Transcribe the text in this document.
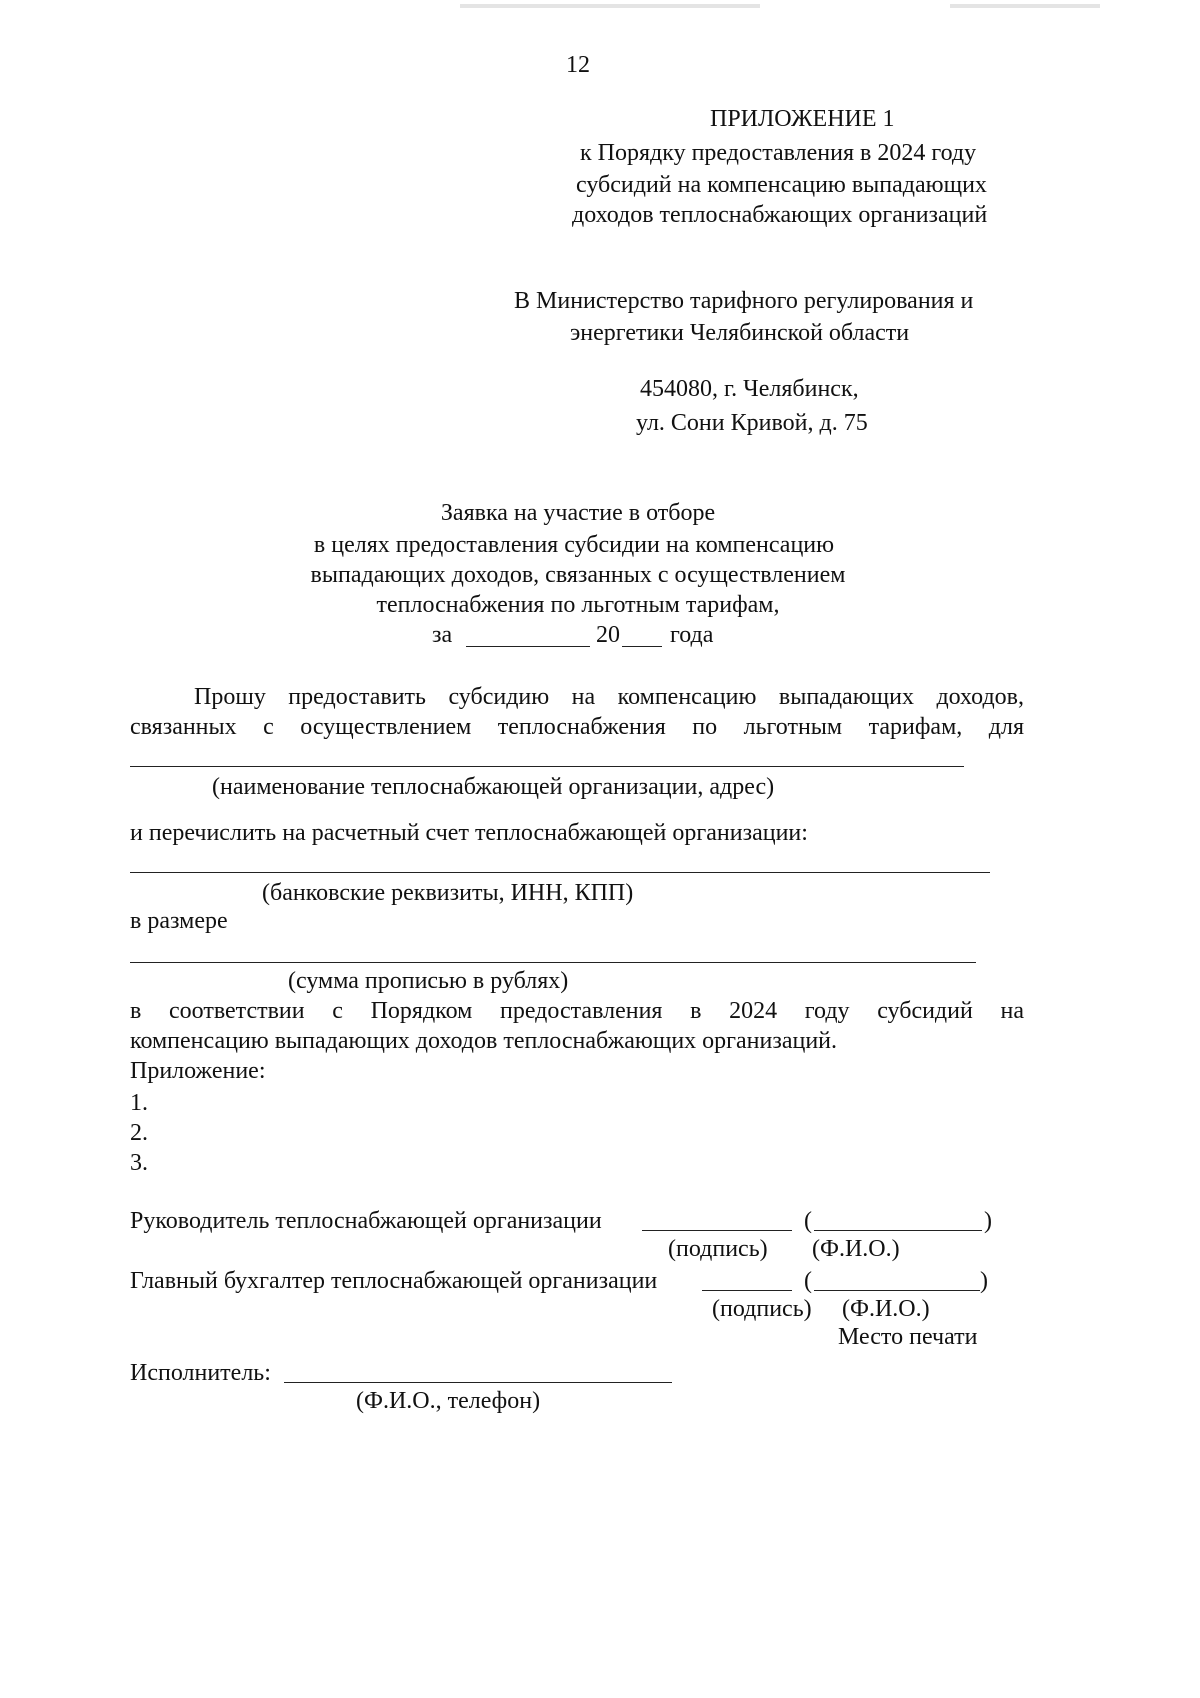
12
ПРИЛОЖЕНИЕ 1
к Порядку предоставления в 2024 году
субсидий на компенсацию выпадающих
доходов теплоснабжающих организаций
В Министерство тарифного регулирования и
энергетики Челябинской области
454080, г. Челябинск,
ул. Сони Кривой, д. 75
Заявка на участие в отборе
в целях предоставления субсидии на компенсацию
выпадающих доходов, связанных с осуществлением
теплоснабжения по льготным тарифам,
за	20 года
Прошу предоставить субсидию на компенсацию выпадающих доходов,
связанных с осуществлением теплоснабжения по льготным тарифам, для
(наименование теплоснабжающей организации, адрес)
и перечислить на расчетный счет теплоснабжающей организации:
(банковские реквизиты, ИНН, КПП)
в размере
(сумма прописью в рублях)
в соответствии с Порядком предоставления в 2024 году субсидий на
компенсацию выпадающих доходов теплоснабжающих организаций.
Приложение:
1.
2.
3.
Руководитель теплоснабжающей организации	(	)
(подпись) (Ф.И.О.)
Главный бухгалтер теплоснабжающей организации	(	)
(подпись) (Ф.И.О.)
Место печати
Исполнитель:
(Ф.И.О., телефон)
